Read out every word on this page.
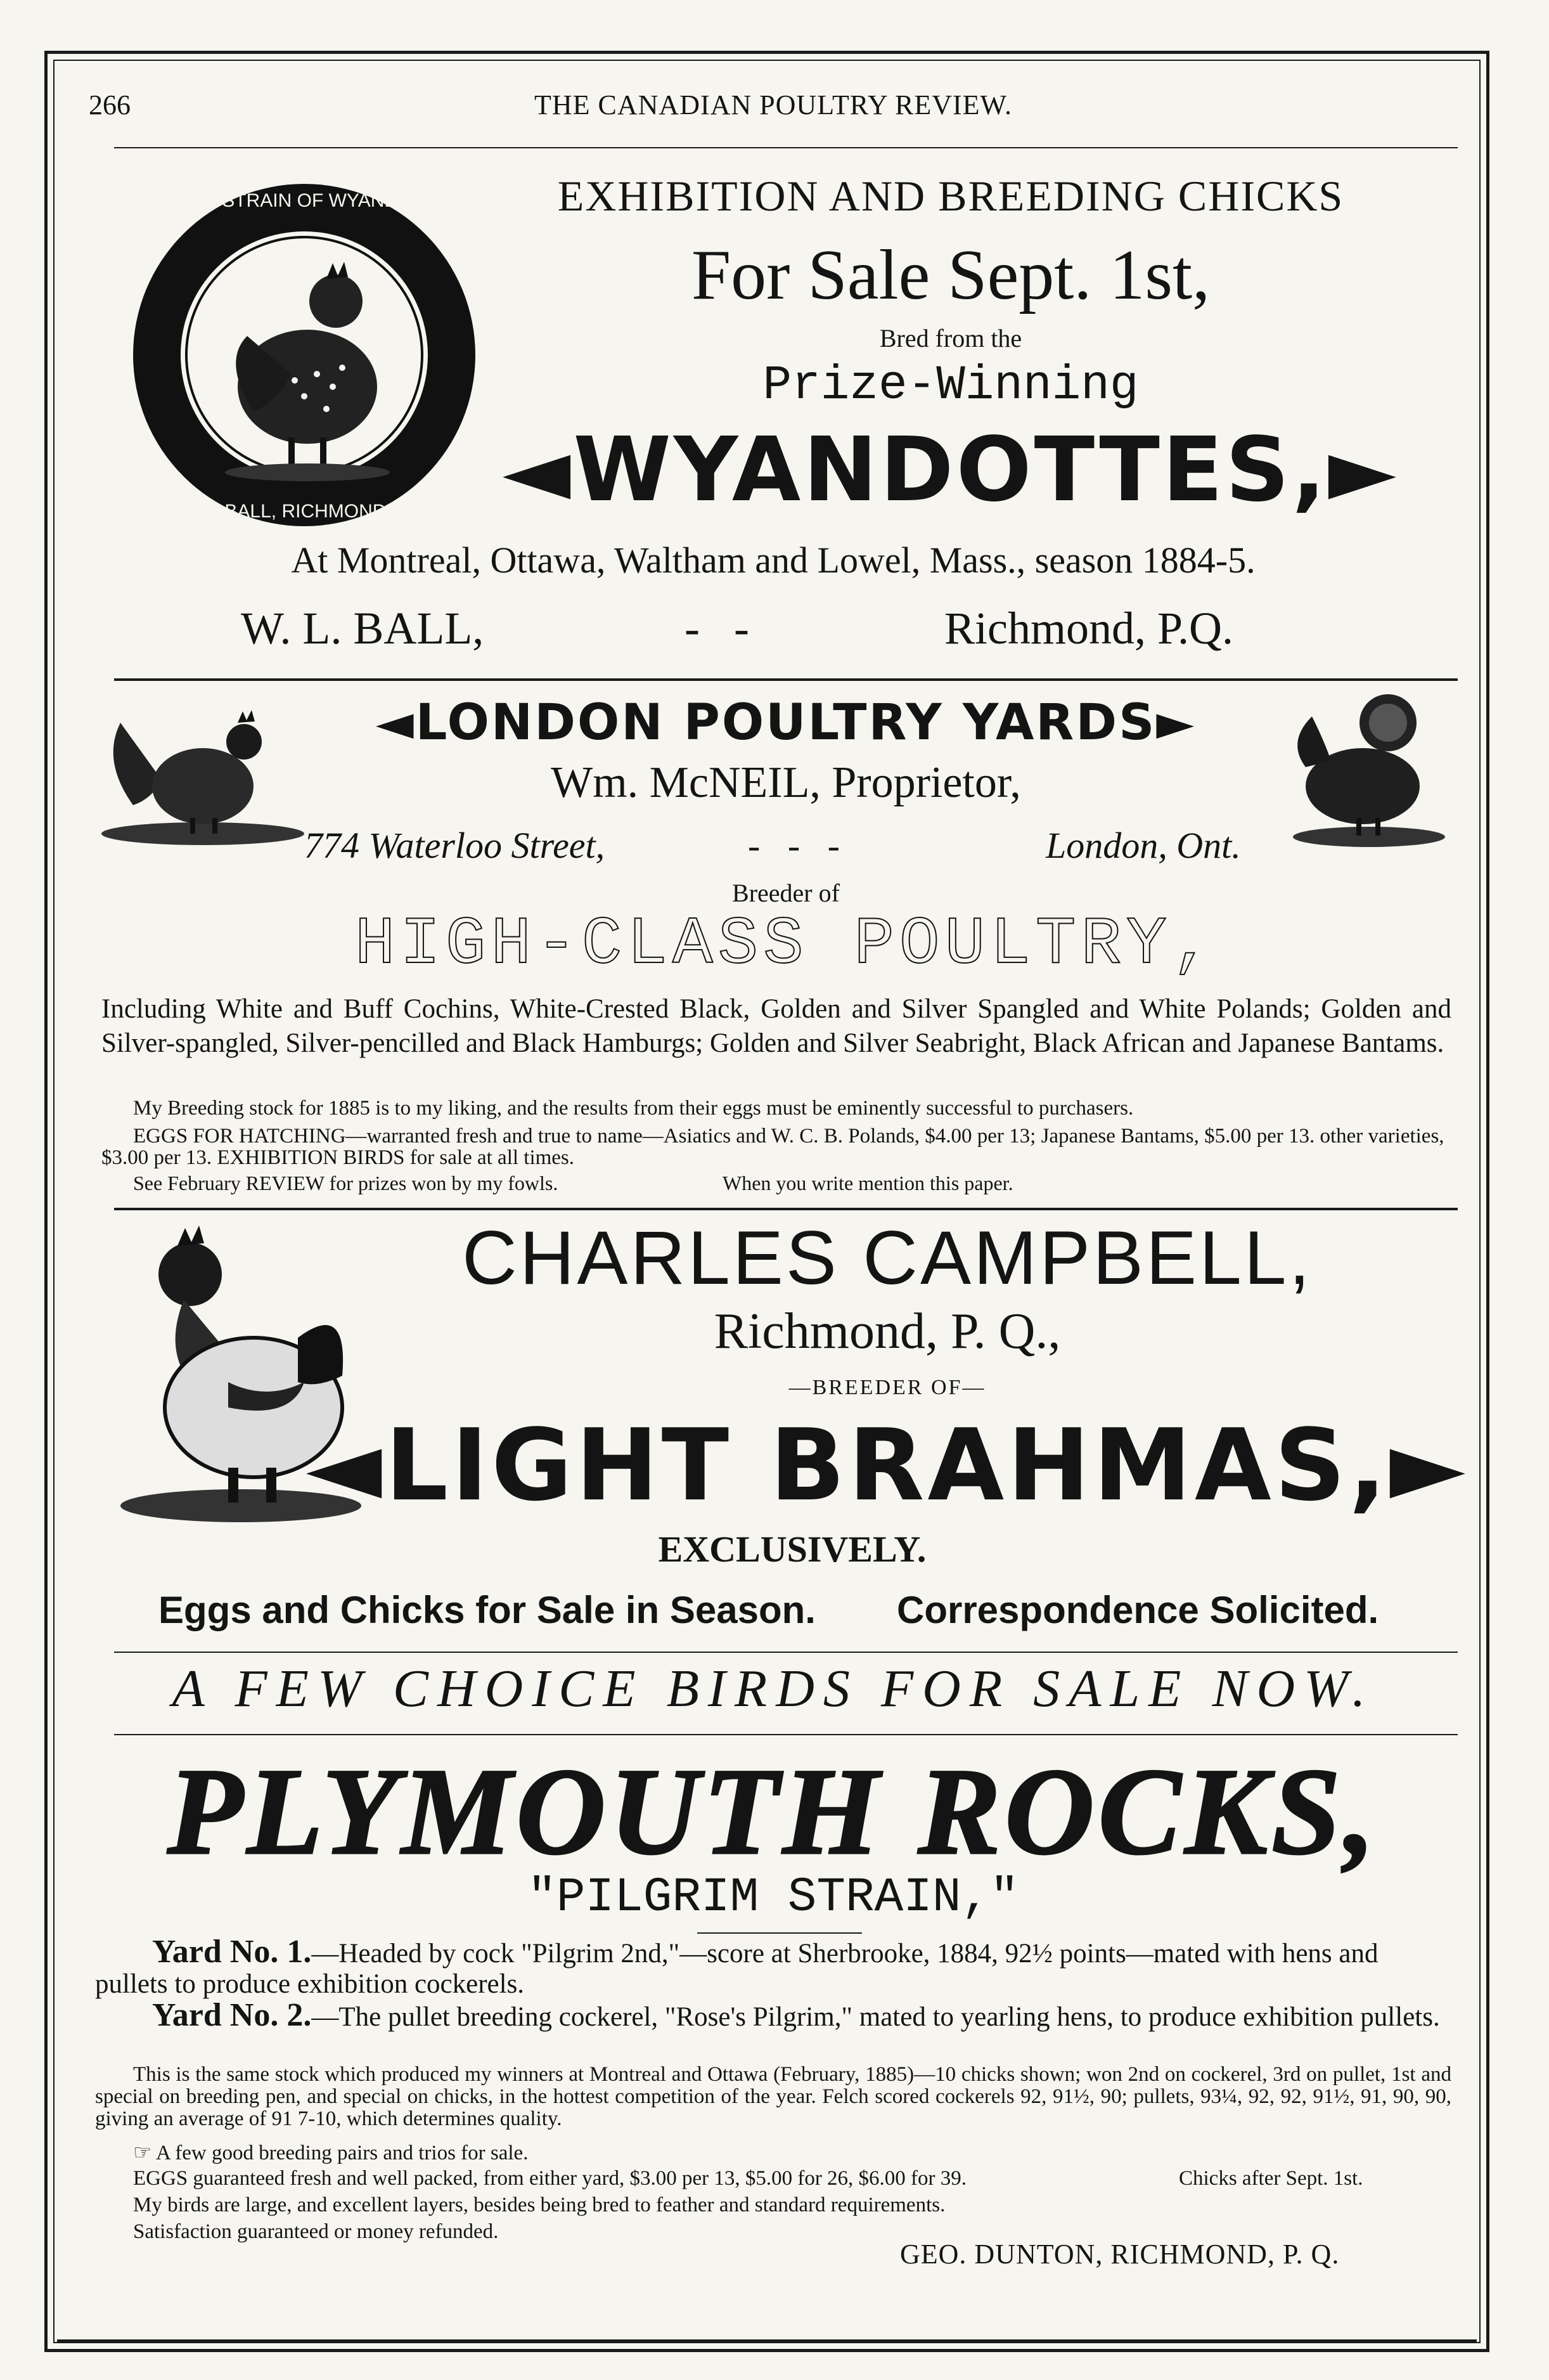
266	THE CANADIAN POULTRY REVIEW.
HURON STRAIN OF WYANDOTTES
W. L. BALL, RICHMOND, P.Q.
EXHIBITION AND BREEDING CHICKS
For Sale Sept. 1st,
Bred from the
Prize-Winning
◄WYANDOTTES,►
At Montreal, Ottawa, Waltham and Lowel, Mass., season 1884-5.
W. L. BALL,	-   -	Richmond, P.Q.
◄LONDON POULTRY YARDS►
Wm. McNEIL, Proprietor,
774 Waterloo Street,	-   -   -	London, Ont.
Breeder of
HIGH-CLASS POULTRY,

Including White and Buff Cochins, White-Crested Black, Golden and Silver Spangled and White Polands; Golden and Silver-spangled, Silver-pencilled and Black Hamburgs; Golden and Silver Seabright, Black African and Japanese Bantams.

My Breeding stock for 1885 is to my liking, and the results from their eggs must be eminently successful to purchasers.

EGGS FOR HATCHING—warranted fresh and true to name—Asiatics and W. C. B. Polands, $4.00 per 13; Japanese Bantams, $5.00 per 13. other varieties, $3.00 per 13. EXHIBITION BIRDS for sale at all times.

See February REVIEW for prizes won by my fowls.	When you write mention this paper.
CHARLES CAMPBELL,
Richmond, P. Q.,
—BREEDER OF—
◄LIGHT BRAHMAS,►
EXCLUSIVELY.
Eggs and Chicks for Sale in Season. Correspondence Solicited.
A FEW CHOICE BIRDS FOR SALE NOW.
PLYMOUTH ROCKS,
"PILGRIM STRAIN,"

Yard No. 1.—Headed by cock "Pilgrim 2nd,"—score at Sherbrooke, 1884, 92½ points—mated with hens and pullets to produce exhibition cockerels.

Yard No. 2.—The pullet breeding cockerel, "Rose's Pilgrim," mated to yearling hens, to produce exhibition pullets.

This is the same stock which produced my winners at Montreal and Ottawa (February, 1885)—10 chicks shown; won 2nd on cockerel, 3rd on pullet, 1st and special on breeding pen, and special on chicks, in the hottest competition of the year. Felch scored cockerels 92, 91½, 90; pullets, 93¼, 92, 92, 91½, 91, 90, 90, giving an average of 91 7-10, which determines quality.

☞ A few good breeding pairs and trios for sale.
EGGS guaranteed fresh and well packed, from either yard, $3.00 per 13, $5.00 for 26, $6.00 for 39.	Chicks after Sept. 1st.
My birds are large, and excellent layers, besides being bred to feather and standard requirements.
Satisfaction guaranteed or money refunded.
GEO. DUNTON, RICHMOND, P. Q.
